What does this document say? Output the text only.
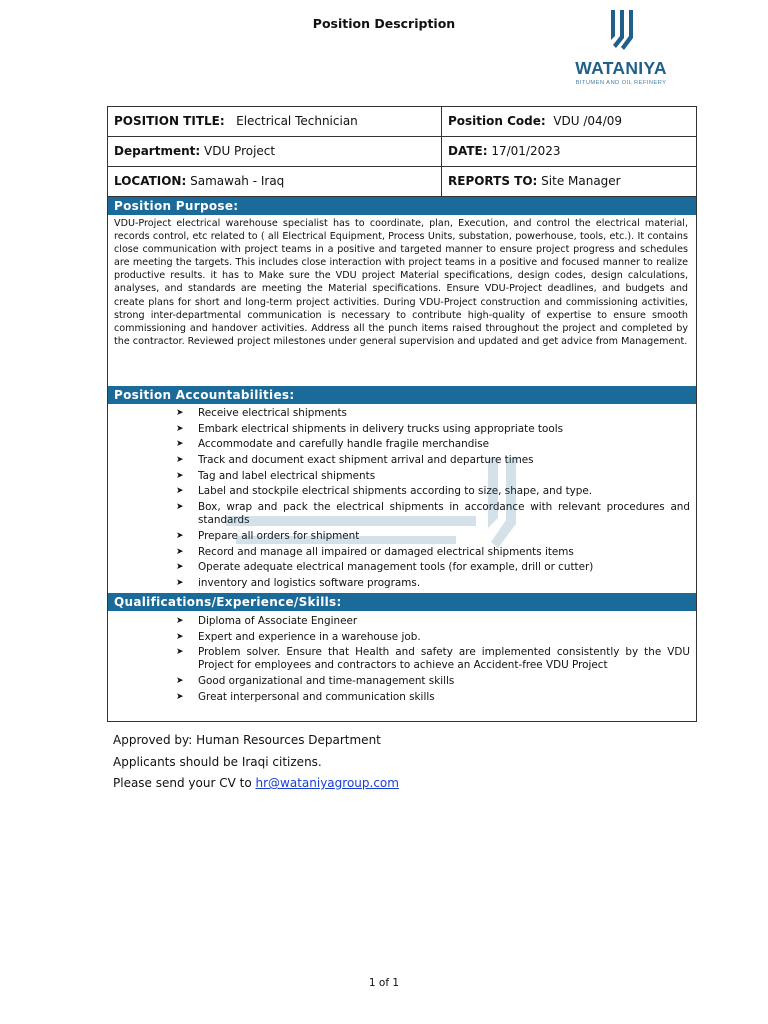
Position Description
WATANIYA
BITUMEN AND OIL REFINERY
POSITION TITLE: Electrical Technician	Position Code: VDU /04/09
Department: VDU Project	DATE: 17/01/2023
LOCATION: Samawah - Iraq	REPORTS TO: Site Manager
Position Purpose:
VDU-Project electrical warehouse specialist has to coordinate, plan, Execution, and control the electrical material, records control, etc related to ( all Electrical Equipment, Process Units, substation, powerhouse, tools, etc.). It contains close communication with project teams in a positive and targeted manner to ensure project progress and schedules are meeting the targets. This includes close interaction with project teams in a positive and focused manner to realize productive results. it has to Make sure the VDU project Material specifications, design codes, design calculations, analyses, and standards are meeting the Material specifications. Ensure VDU-Project deadlines, and budgets and create plans for short and long-term project activities. During VDU-Project construction and commissioning activities, strong inter-departmental communication is necessary to contribute high-quality of expertise to ensure smooth commissioning and handover activities. Address all the punch items raised throughout the project and completed by the contractor. Reviewed project milestones under general supervision and updated and get advice from Management.
Position Accountabilities:
➤ Receive electrical shipments
➤ Embark electrical shipments in delivery trucks using appropriate tools
➤ Accommodate and carefully handle fragile merchandise
➤ Track and document exact shipment arrival and departure times
➤ Tag and label electrical shipments
➤ Label and stockpile electrical shipments according to size, shape, and type.
➤ Box, wrap and pack the electrical shipments in accordance with relevant procedures and standards
➤ Prepare all orders for shipment
➤ Record and manage all impaired or damaged electrical shipments items
➤ Operate adequate electrical management tools (for example, drill or cutter)
➤ inventory and logistics software programs.
Qualifications/Experience/Skills:
➤ Diploma of Associate Engineer
➤ Expert and experience in a warehouse job.
➤ Problem solver. Ensure that Health and safety are implemented consistently by the VDU Project for employees and contractors to achieve an Accident-free VDU Project
➤ Good organizational and time-management skills
➤ Great interpersonal and communication skills
Approved by: Human Resources Department
Applicants should be Iraqi citizens.
Please send your CV to hr@wataniyagroup.com
1 of 1
